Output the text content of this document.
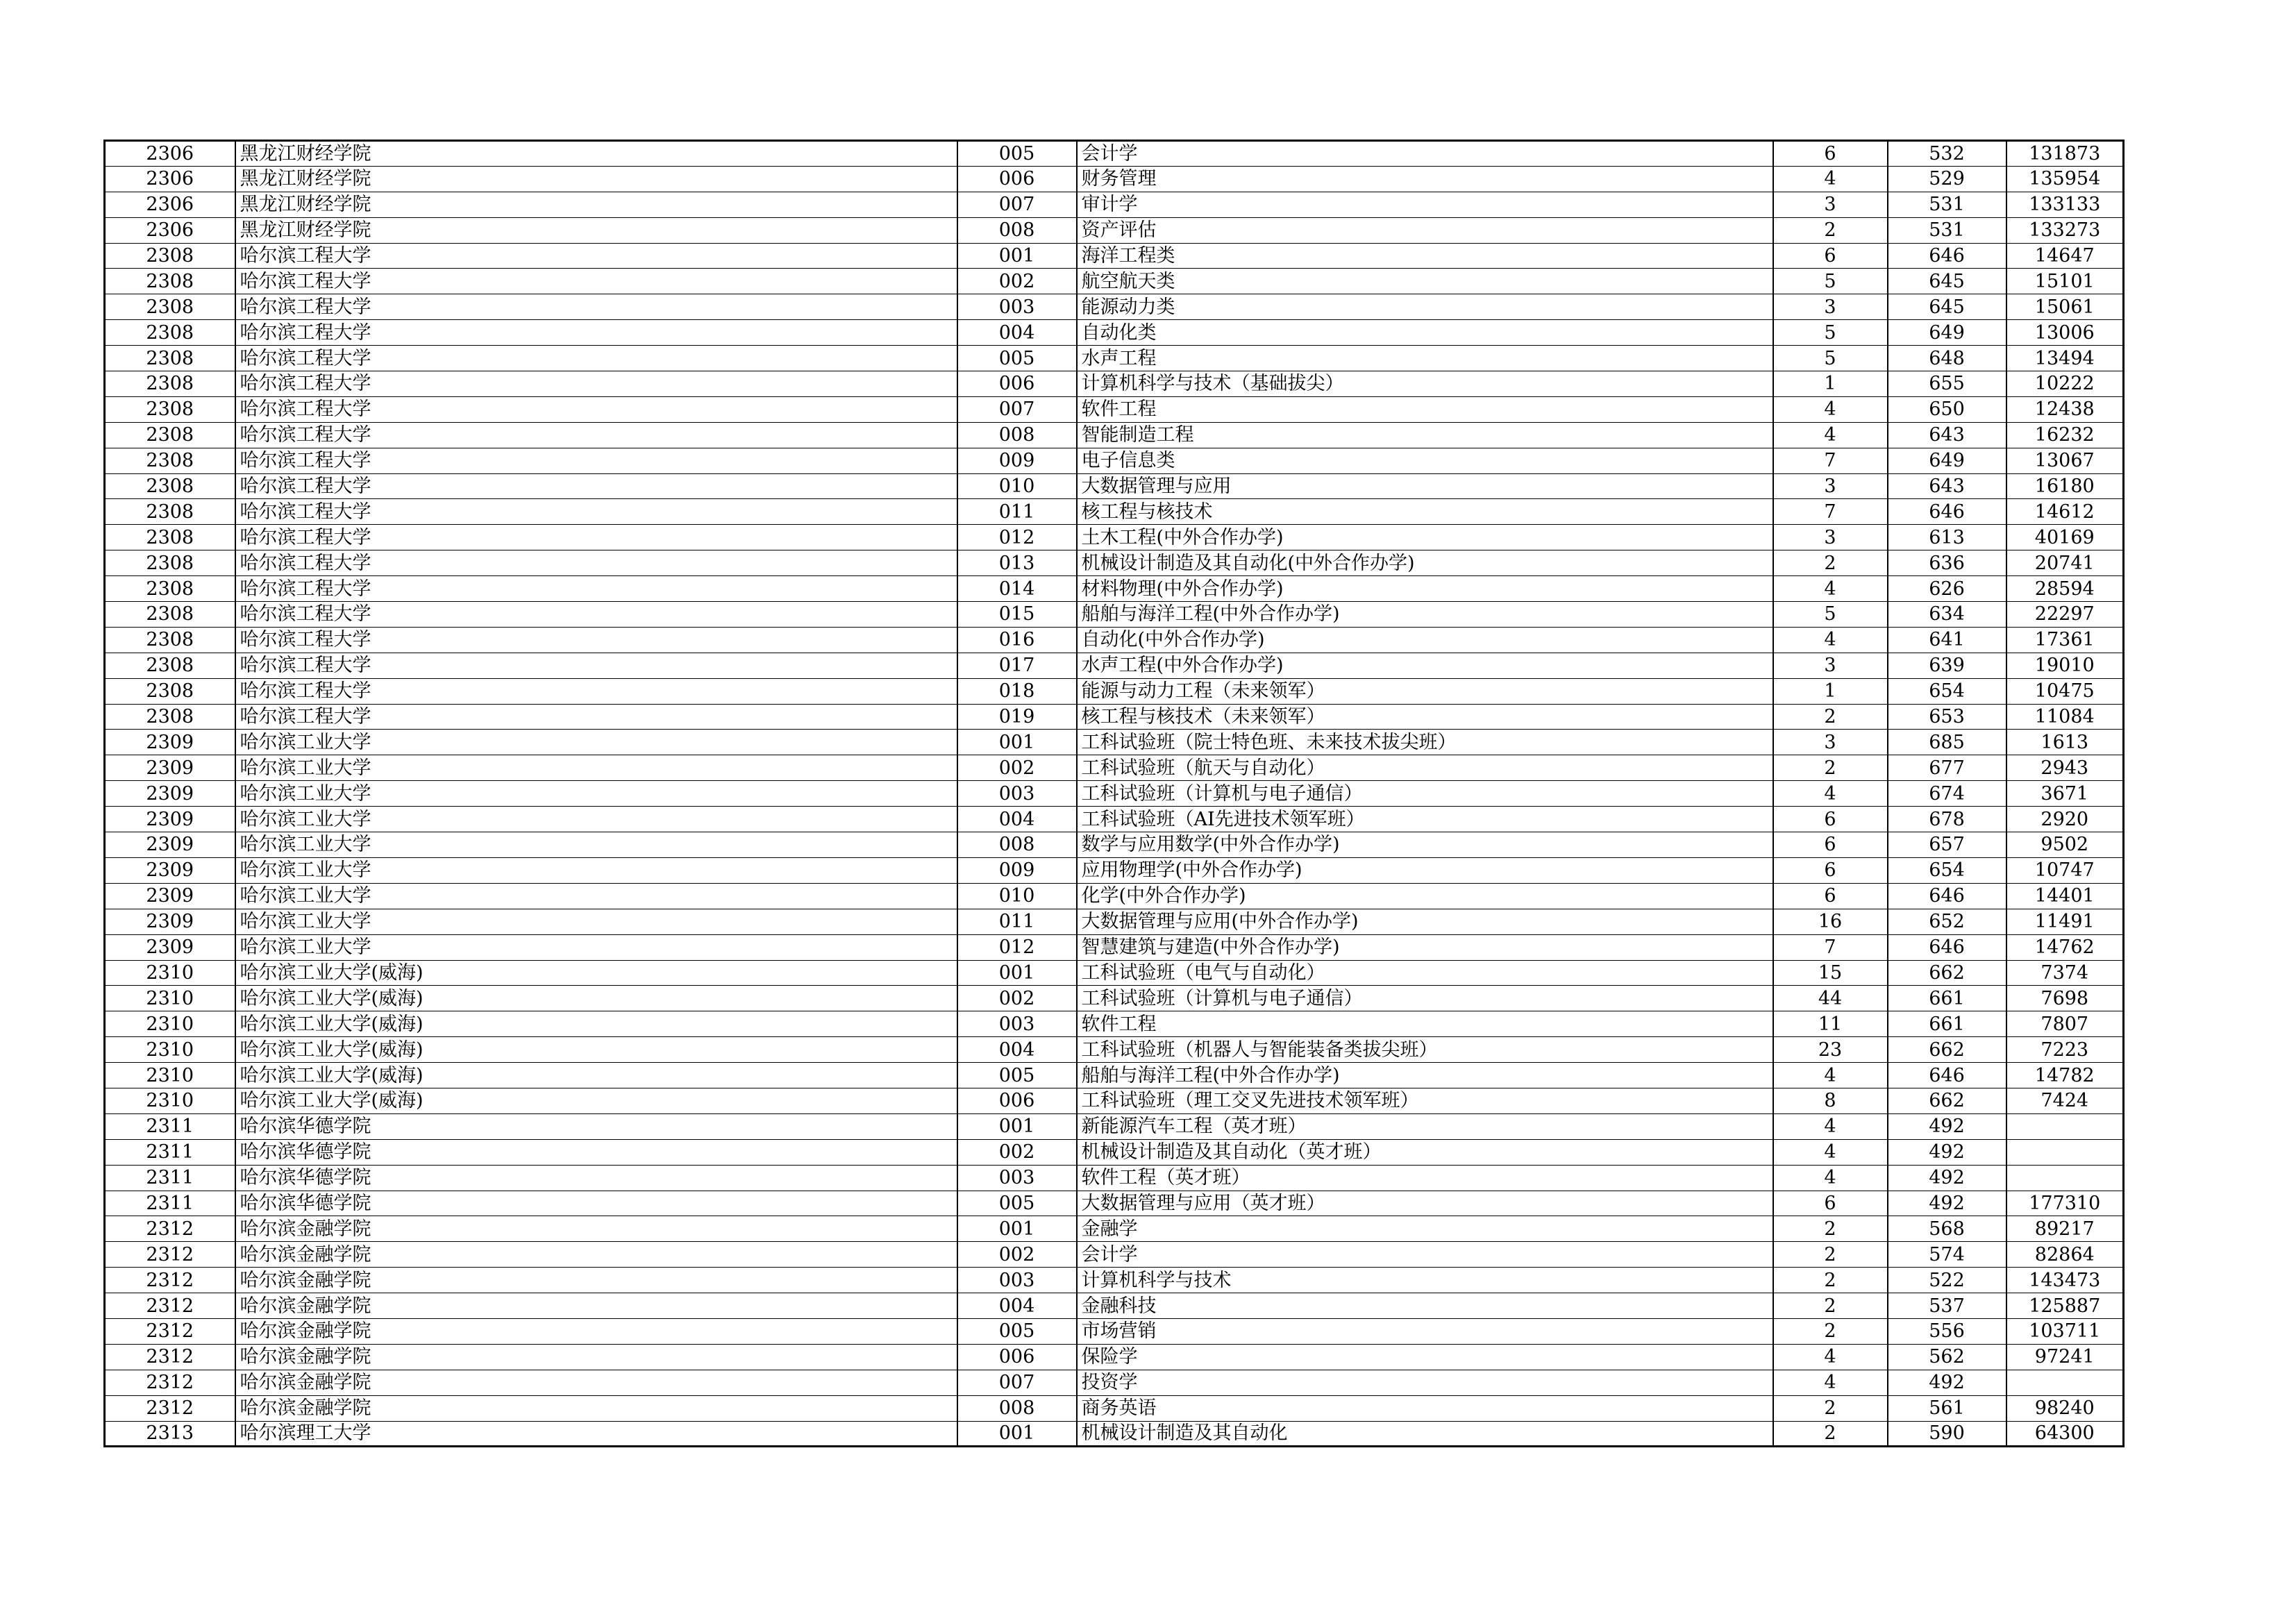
2306	黑龙江财经学院	005	会计学	6	532	131873
2306	黑龙江财经学院	006	财务管理	4	529	135954
2306	黑龙江财经学院	007	审计学	3	531	133133
2306	黑龙江财经学院	008	资产评估	2	531	133273
2308	哈尔滨工程大学	001	海洋工程类	6	646	14647
2308	哈尔滨工程大学	002	航空航天类	5	645	15101
2308	哈尔滨工程大学	003	能源动力类	3	645	15061
2308	哈尔滨工程大学	004	自动化类	5	649	13006
2308	哈尔滨工程大学	005	水声工程	5	648	13494
2308	哈尔滨工程大学	006	计算机科学与技术（基础拔尖）	1	655	10222
2308	哈尔滨工程大学	007	软件工程	4	650	12438
2308	哈尔滨工程大学	008	智能制造工程	4	643	16232
2308	哈尔滨工程大学	009	电子信息类	7	649	13067
2308	哈尔滨工程大学	010	大数据管理与应用	3	643	16180
2308	哈尔滨工程大学	011	核工程与核技术	7	646	14612
2308	哈尔滨工程大学	012	土木工程(中外合作办学)	3	613	40169
2308	哈尔滨工程大学	013	机械设计制造及其自动化(中外合作办学)	2	636	20741
2308	哈尔滨工程大学	014	材料物理(中外合作办学)	4	626	28594
2308	哈尔滨工程大学	015	船舶与海洋工程(中外合作办学)	5	634	22297
2308	哈尔滨工程大学	016	自动化(中外合作办学)	4	641	17361
2308	哈尔滨工程大学	017	水声工程(中外合作办学)	3	639	19010
2308	哈尔滨工程大学	018	能源与动力工程（未来领军）	1	654	10475
2308	哈尔滨工程大学	019	核工程与核技术（未来领军）	2	653	11084
2309	哈尔滨工业大学	001	工科试验班（院士特色班、未来技术拔尖班）	3	685	1613
2309	哈尔滨工业大学	002	工科试验班（航天与自动化）	2	677	2943
2309	哈尔滨工业大学	003	工科试验班（计算机与电子通信）	4	674	3671
2309	哈尔滨工业大学	004	工科试验班（AI先进技术领军班）	6	678	2920
2309	哈尔滨工业大学	008	数学与应用数学(中外合作办学)	6	657	9502
2309	哈尔滨工业大学	009	应用物理学(中外合作办学)	6	654	10747
2309	哈尔滨工业大学	010	化学(中外合作办学)	6	646	14401
2309	哈尔滨工业大学	011	大数据管理与应用(中外合作办学)	16	652	11491
2309	哈尔滨工业大学	012	智慧建筑与建造(中外合作办学)	7	646	14762
2310	哈尔滨工业大学(威海)	001	工科试验班（电气与自动化）	15	662	7374
2310	哈尔滨工业大学(威海)	002	工科试验班（计算机与电子通信）	44	661	7698
2310	哈尔滨工业大学(威海)	003	软件工程	11	661	7807
2310	哈尔滨工业大学(威海)	004	工科试验班（机器人与智能装备类拔尖班）	23	662	7223
2310	哈尔滨工业大学(威海)	005	船舶与海洋工程(中外合作办学)	4	646	14782
2310	哈尔滨工业大学(威海)	006	工科试验班（理工交叉先进技术领军班）	8	662	7424
2311	哈尔滨华德学院	001	新能源汽车工程（英才班）	4	492	
2311	哈尔滨华德学院	002	机械设计制造及其自动化（英才班）	4	492	
2311	哈尔滨华德学院	003	软件工程（英才班）	4	492	
2311	哈尔滨华德学院	005	大数据管理与应用（英才班）	6	492	177310
2312	哈尔滨金融学院	001	金融学	2	568	89217
2312	哈尔滨金融学院	002	会计学	2	574	82864
2312	哈尔滨金融学院	003	计算机科学与技术	2	522	143473
2312	哈尔滨金融学院	004	金融科技	2	537	125887
2312	哈尔滨金融学院	005	市场营销	2	556	103711
2312	哈尔滨金融学院	006	保险学	4	562	97241
2312	哈尔滨金融学院	007	投资学	4	492	
2312	哈尔滨金融学院	008	商务英语	2	561	98240
2313	哈尔滨理工大学	001	机械设计制造及其自动化	2	590	64300
